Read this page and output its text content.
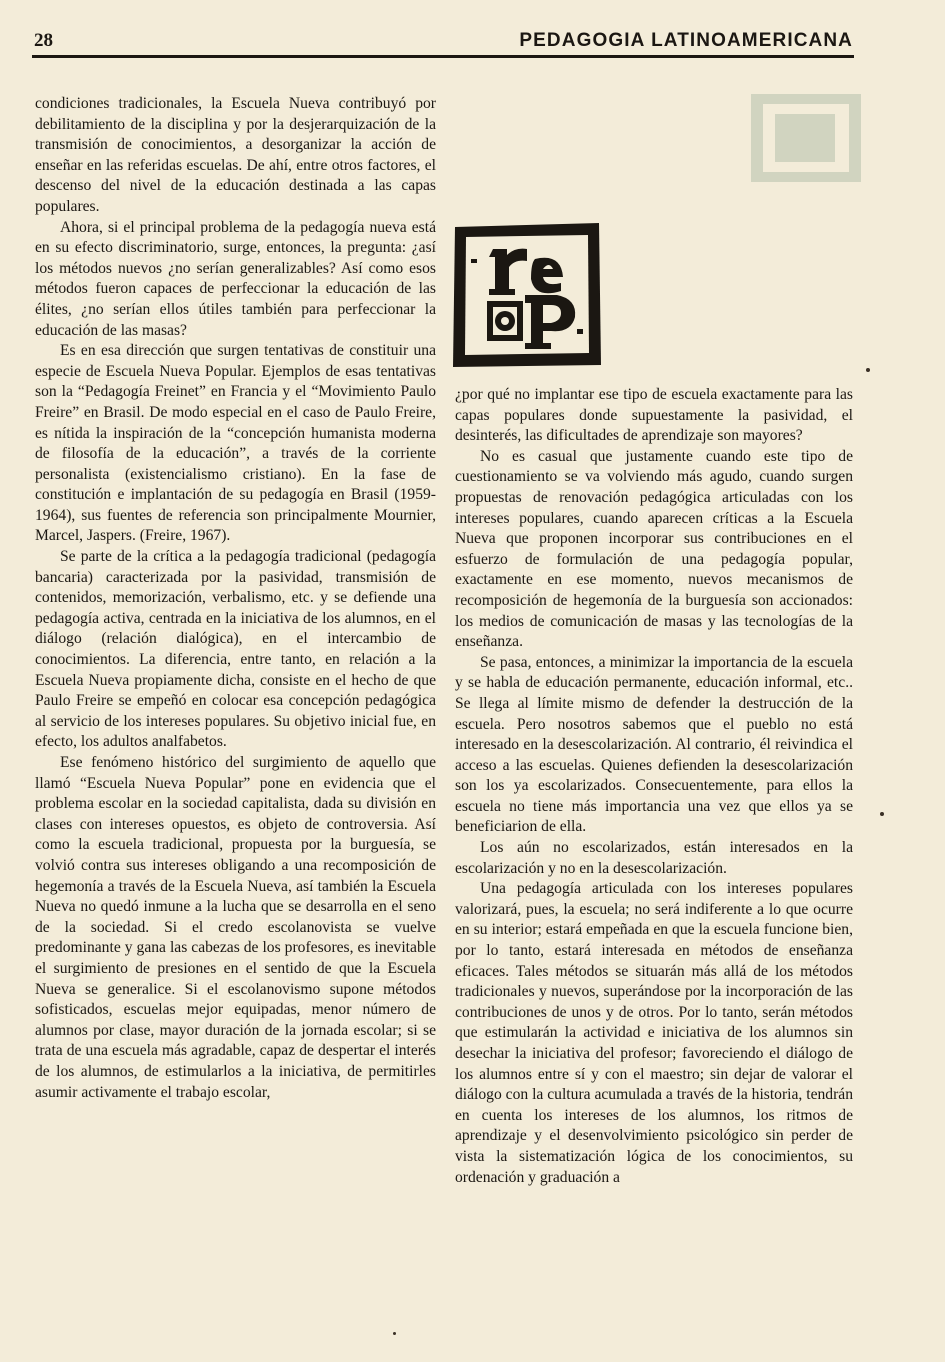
28	PEDAGOGIA LATINOAMERICANA

condiciones tradicionales, la Escuela Nueva contribuyó por debilitamiento de la disciplina y por la desjerarquización de la transmisión de conocimientos, a desorganizar la acción de enseñar en las referidas escuelas. De ahí, entre otros factores, el descenso del nivel de la educación destinada a las capas populares.

Ahora, si el principal problema de la pedagogía nueva está en su efecto discriminatorio, surge, entonces, la pregunta: ¿así los métodos nuevos ¿no serían generalizables? Así como esos métodos fueron capaces de perfeccionar la educación de las élites, ¿no serían ellos útiles también para perfeccionar la educación de las masas?

Es en esa dirección que surgen tentativas de constituir una especie de Escuela Nueva Popular. Ejemplos de esas tentativas son la “Pedagogía Freinet” en Francia y el “Movimiento Paulo Freire” en Brasil. De modo especial en el caso de Paulo Freire, es nítida la inspiración de la “concepción humanista moderna de filosofía de la educación”, a través de la corriente personalista (existencialismo cristiano). En la fase de constitución e implantación de su pedagogía en Brasil (1959-1964), sus fuentes de referencia son principalmente Mournier, Marcel, Jaspers. (Freire, 1967).

Se parte de la crítica a la pedagogía tradicional (pedagogía bancaria) caracterizada por la pasividad, transmisión de contenidos, memorización, verbalismo, etc. y se defiende una pedagogía activa, centrada en la iniciativa de los alumnos, en el diálogo (relación dialógica), en el intercambio de conocimientos. La diferencia, entre tanto, en relación a la Escuela Nueva propiamente dicha, consiste en el hecho de que Paulo Freire se empeñó en colocar esa concepción pedagógica al servicio de los intereses populares. Su objetivo inicial fue, en efecto, los adultos analfabetos.

Ese fenómeno histórico del surgimiento de aquello que llamó “Escuela Nueva Popular” pone en evidencia que el problema escolar en la sociedad capitalista, dada su división en clases con intereses opuestos, es objeto de controversia. Así como la escuela tradicional, propuesta por la burguesía, se volvió contra sus intereses obligando a una recomposición de hegemonía a través de la Escuela Nueva, así también la Escuela Nueva no quedó inmune a la lucha que se desarrolla en el seno de la sociedad. Si el credo escolanovista se vuelve predominante y gana las cabezas de los profesores, es inevitable el surgimiento de presiones en el sentido de que la Escuela Nueva se generalice. Si el escolanovismo supone métodos sofisticados, escuelas mejor equipadas, menor número de alumnos por clase, mayor duración de la jornada escolar; si se trata de una escuela más agradable, capaz de despertar el interés de los alumnos, de estimularlos a la iniciativa, de permitirles asumir activamente el trabajo escolar,

¿por qué no implantar ese tipo de escuela exactamente para las capas populares donde supuestamente la pasividad, el desinterés, las dificultades de aprendizaje son mayores?

No es casual que justamente cuando este tipo de cuestionamiento se va volviendo más agudo, cuando surgen propuestas de renovación pedagógica articuladas con los intereses populares, cuando aparecen críticas a la Escuela Nueva que proponen incorporar sus contribuciones en el esfuerzo de formulación de una pedagogía popular, exactamente en ese momento, nuevos mecanismos de recomposición de hegemonía de la burguesía son accionados: los medios de comunicación de masas y las tecnologías de la enseñanza.

Se pasa, entonces, a minimizar la importancia de la escuela y se habla de educación permanente, educación informal, etc.. Se llega al límite mismo de defender la destrucción de la escuela. Pero nosotros sabemos que el pueblo no está interesado en la desescolarización. Al contrario, él reivindica el acceso a las escuelas. Quienes defienden la desescolarización son los ya escolarizados. Consecuentemente, para ellos la escuela no tiene más importancia una vez que ellos ya se beneficiarion de ella.

Los aún no escolarizados, están interesados en la escolarización y no en la desescolarización.

Una pedagogía articulada con los intereses populares valorizará, pues, la escuela; no será indiferente a lo que ocurre en su interior; estará empeñada en que la escuela funcione bien, por lo tanto, estará interesada en métodos de enseñanza eficaces. Tales métodos se situarán más allá de los métodos tradicionales y nuevos, superándose por la incorporación de las contribuciones de unos y de otros. Por lo tanto, serán métodos que estimularán la actividad e iniciativa de los alumnos sin desechar la iniciativa del profesor; favoreciendo el diálogo de los alumnos entre sí y con el maestro; sin dejar de valorar el diálogo con la cultura acumulada a través de la historia, tendrán en cuenta los intereses de los alumnos, los ritmos de aprendizaje y el desenvolvimiento psicológico sin perder de vista la sistematización lógica de los conocimientos, su ordenación y graduación a
